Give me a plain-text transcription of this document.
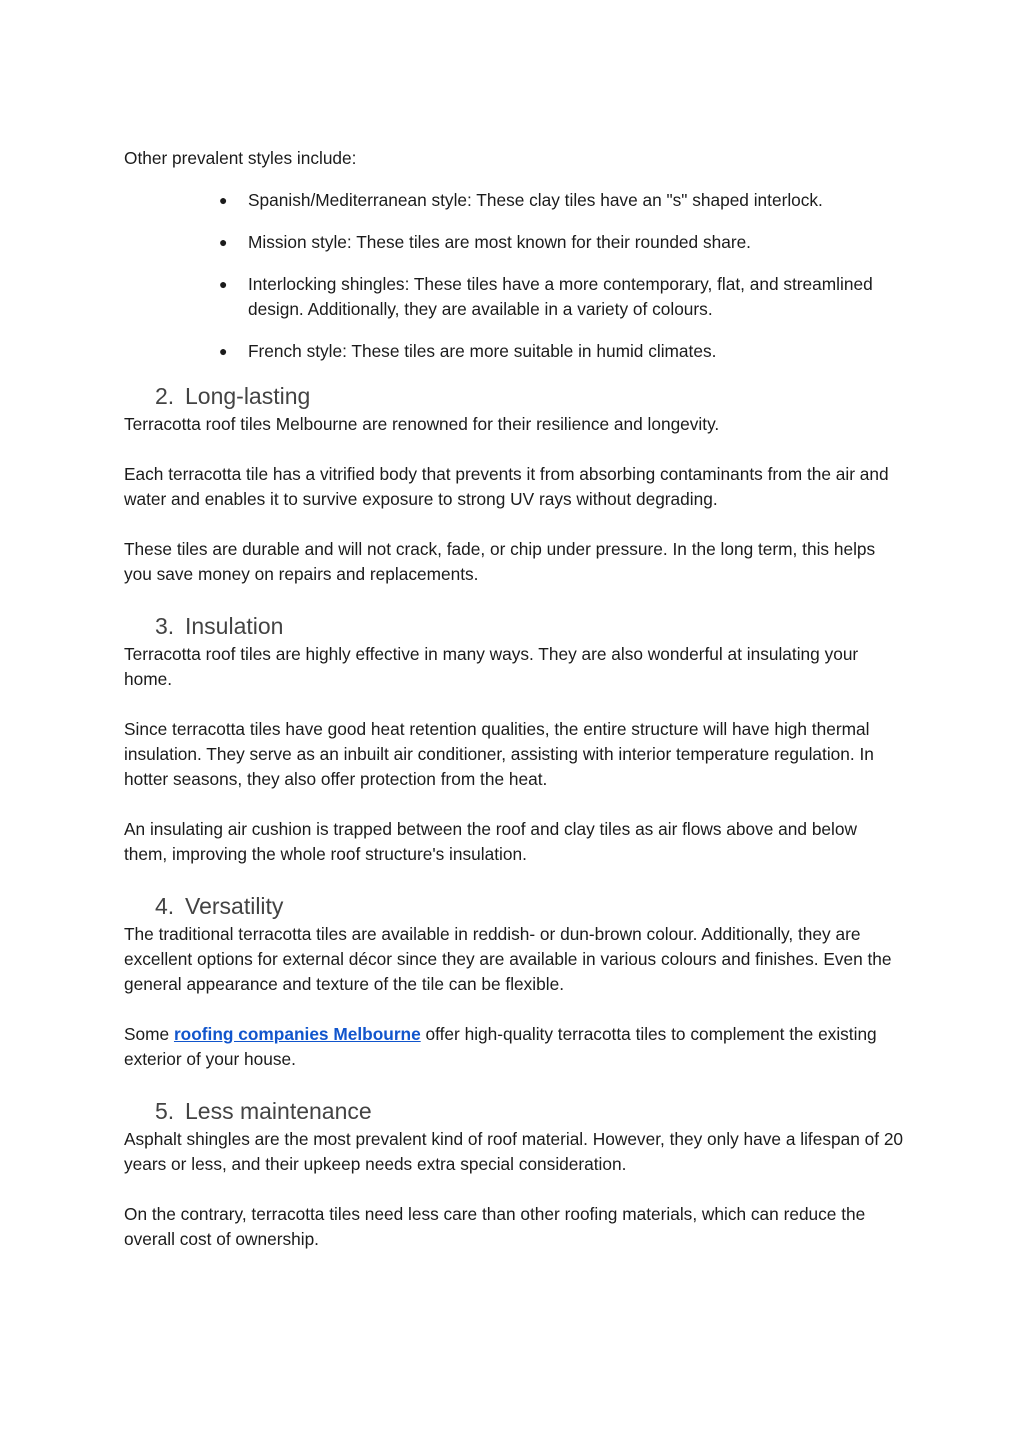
Other prevalent styles include:

● Spanish/Mediterranean style: These clay tiles have an "s" shaped interlock.
● Mission style: These tiles are most known for their rounded share.
● Interlocking shingles: These tiles have a more contemporary, flat, and streamlined design. Additionally, they are available in a variety of colours.
● French style: These tiles are more suitable in humid climates.
2. Long-lasting

Terracotta roof tiles Melbourne are renowned for their resilience and longevity.

Each terracotta tile has a vitrified body that prevents it from absorbing contaminants from the air and water and enables it to survive exposure to strong UV rays without degrading.

These tiles are durable and will not crack, fade, or chip under pressure. In the long term, this helps you save money on repairs and replacements.

3. Insulation

Terracotta roof tiles are highly effective in many ways. They are also wonderful at insulating your home.

Since terracotta tiles have good heat retention qualities, the entire structure will have high thermal insulation. They serve as an inbuilt air conditioner, assisting with interior temperature regulation. In hotter seasons, they also offer protection from the heat.

An insulating air cushion is trapped between the roof and clay tiles as air flows above and below them, improving the whole roof structure's insulation.

4. Versatility

The traditional terracotta tiles are available in reddish- or dun-brown colour. Additionally, they are excellent options for external décor since they are available in various colours and finishes. Even the general appearance and texture of the tile can be flexible.

Some roofing companies Melbourne offer high-quality terracotta tiles to complement the existing exterior of your house.

5. Less maintenance

Asphalt shingles are the most prevalent kind of roof material. However, they only have a lifespan of 20 years or less, and their upkeep needs extra special consideration.

On the contrary, terracotta tiles need less care than other roofing materials, which can reduce the overall cost of ownership.
